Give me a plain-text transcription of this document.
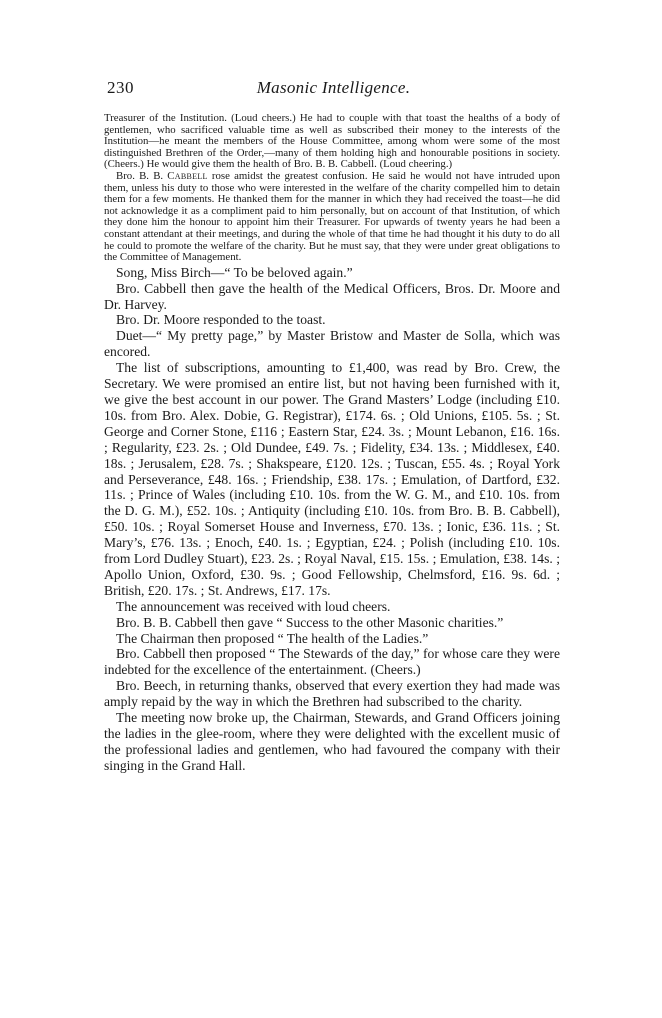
230	Masonic Intelligence.

Treasurer of the Institution. (Loud cheers.) He had to couple with that toast the healths of a body of gentlemen, who sacrificed valuable time as well as subscribed their money to the interests of the Institution—he meant the members of the House Committee, among whom were some of the most distinguished Brethren of the Order,—many of them holding high and honourable positions in society. (Cheers.) He would give them the health of Bro. B. B. Cabbell. (Loud cheering.)

Bro. B. B. Cabbell rose amidst the greatest confusion. He said he would not have intruded upon them, unless his duty to those who were interested in the welfare of the charity compelled him to detain them for a few moments. He thanked them for the manner in which they had received the toast—he did not acknowledge it as a compliment paid to him personally, but on account of that Institution, of which they done him the honour to appoint him their Treasurer. For upwards of twenty years he had been a constant attendant at their meetings, and during the whole of that time he had thought it his duty to do all he could to promote the welfare of the charity. But he must say, that they were under great obligations to the Committee of Management.

Song, Miss Birch—“ To be beloved again.”

Bro. Cabbell then gave the health of the Medical Officers, Bros. Dr. Moore and Dr. Harvey.

Bro. Dr. Moore responded to the toast.

Duet—“ My pretty page,” by Master Bristow and Master de Solla, which was encored.

The list of subscriptions, amounting to £1,400, was read by Bro. Crew, the Secretary. We were promised an entire list, but not having been furnished with it, we give the best account in our power. The Grand Masters’ Lodge (including £10. 10s. from Bro. Alex. Dobie, G. Registrar), £174. 6s. ; Old Unions, £105. 5s. ; St. George and Corner Stone, £116 ; Eastern Star, £24. 3s. ; Mount Lebanon, £16. 16s. ; Regularity, £23. 2s. ; Old Dundee, £49. 7s. ; Fidelity, £34. 13s. ; Middlesex, £40. 18s. ; Jerusalem, £28. 7s. ; Shakspeare, £120. 12s. ; Tuscan, £55. 4s. ; Royal York and Perseverance, £48. 16s. ; Friendship, £38. 17s. ; Emulation, of Dartford, £32. 11s. ; Prince of Wales (including £10. 10s. from the W. G. M., and £10. 10s. from the D. G. M.), £52. 10s. ; Antiquity (including £10. 10s. from Bro. B. B. Cabbell), £50. 10s. ; Royal Somerset House and Inverness, £70. 13s. ; Ionic, £36. 11s. ; St. Mary’s, £76. 13s. ; Enoch, £40. 1s. ; Egyptian, £24. ; Polish (including £10. 10s. from Lord Dudley Stuart), £23. 2s. ; Royal Naval, £15. 15s. ; Emulation, £38. 14s. ; Apollo Union, Oxford, £30. 9s. ; Good Fellowship, Chelmsford, £16. 9s. 6d. ; British, £20. 17s. ; St. Andrews, £17. 17s.

The announcement was received with loud cheers.

Bro. B. B. Cabbell then gave “ Success to the other Masonic charities.”

The Chairman then proposed “ The health of the Ladies.”

Bro. Cabbell then proposed “ The Stewards of the day,” for whose care they were indebted for the excellence of the entertainment. (Cheers.)

Bro. Beech, in returning thanks, observed that every exertion they had made was amply repaid by the way in which the Brethren had subscribed to the charity.

The meeting now broke up, the Chairman, Stewards, and Grand Officers joining the ladies in the glee-room, where they were delighted with the excellent music of the professional ladies and gentlemen, who had favoured the company with their singing in the Grand Hall.
